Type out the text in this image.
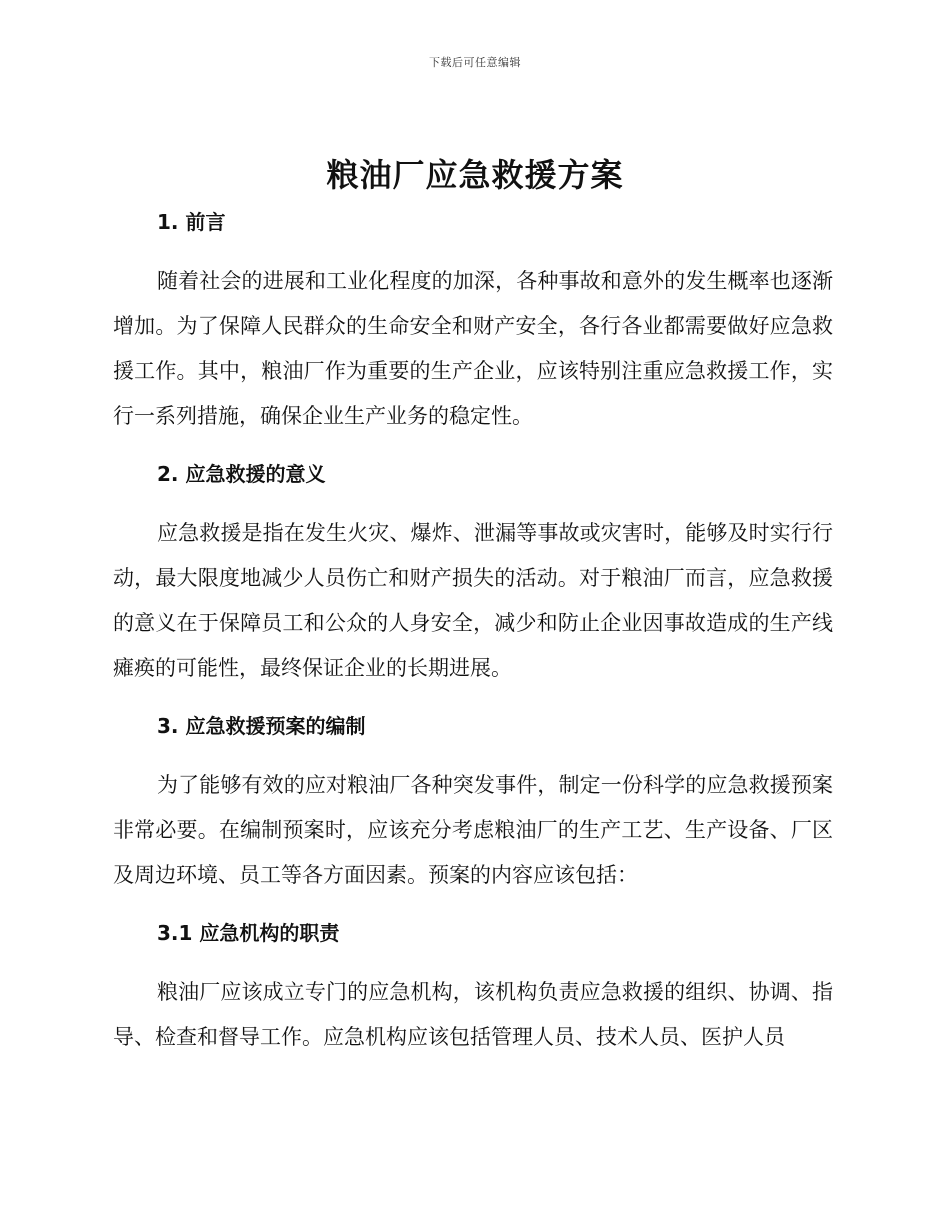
下载后可任意编辑
粮油厂应急救援方案
1. 前言

随着社会的进展和工业化程度的加深，各种事故和意外的发生概率也逐渐增加。为了保障人民群众的生命安全和财产安全，各行各业都需要做好应急救援工作。其中，粮油厂作为重要的生产企业，应该特别注重应急救援工作，实行一系列措施，确保企业生产业务的稳定性。

2. 应急救援的意义

应急救援是指在发生火灾、爆炸、泄漏等事故或灾害时，能够及时实行行动，最大限度地减少人员伤亡和财产损失的活动。对于粮油厂而言，应急救援的意义在于保障员工和公众的人身安全，减少和防止企业因事故造成的生产线瘫痪的可能性，最终保证企业的长期进展。

3. 应急救援预案的编制

为了能够有效的应对粮油厂各种突发事件，制定一份科学的应急救援预案非常必要。在编制预案时，应该充分考虑粮油厂的生产工艺、生产设备、厂区及周边环境、员工等各方面因素。预案的内容应该包括：

3.1 应急机构的职责

粮油厂应该成立专门的应急机构，该机构负责应急救援的组织、协调、指导、检查和督导工作。应急机构应该包括管理人员、技术人员、医护人员
